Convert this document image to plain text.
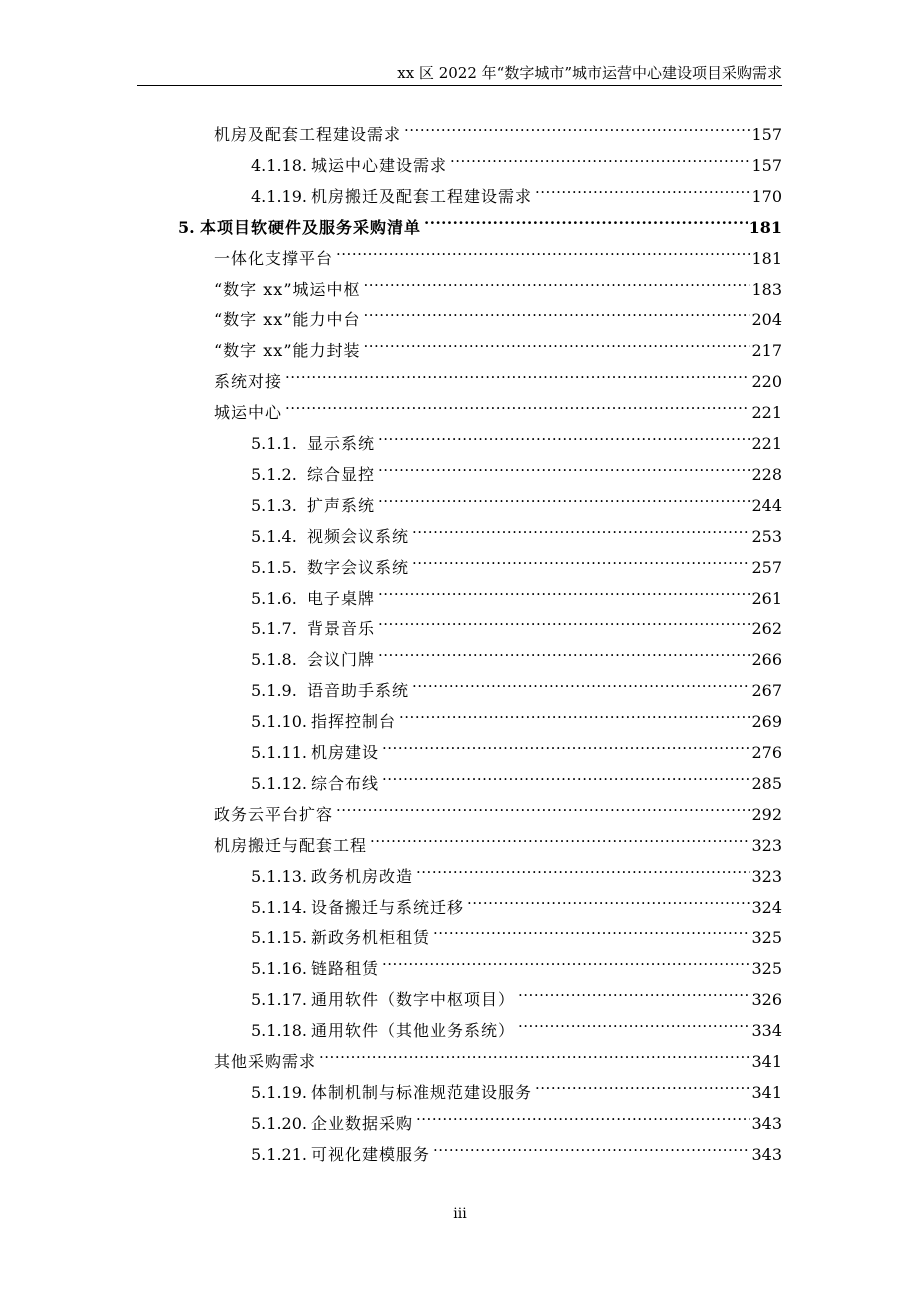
xx 区 2022 年“数字城市”城市运营中心建设项目采购需求
机房及配套工程建设需求 .....	157
4.1.18. 城运中心建设需求 .....	157
4.1.19. 机房搬迁及配套工程建设需求 .....	170
5. 本项目软硬件及服务采购清单 .....	181
一体化支撑平台 .....	181
“数字 xx”城运中枢 .....	183
“数字 xx”能力中台 .....	204
“数字 xx”能力封装 .....	217
系统对接 .....	220
城运中心 .....	221
5.1.1. 显示系统 .....	221
5.1.2. 综合显控 .....	228
5.1.3. 扩声系统 .....	244
5.1.4. 视频会议系统 .....	253
5.1.5. 数字会议系统 .....	257
5.1.6. 电子桌牌 .....	261
5.1.7. 背景音乐 .....	262
5.1.8. 会议门牌 .....	266
5.1.9. 语音助手系统 .....	267
5.1.10. 指挥控制台 .....	269
5.1.11. 机房建设 .....	276
5.1.12. 综合布线 .....	285
政务云平台扩容 .....	292
机房搬迁与配套工程 .....	323
5.1.13. 政务机房改造 .....	323
5.1.14. 设备搬迁与系统迁移 .....	324
5.1.15. 新政务机柜租赁 .....	325
5.1.16. 链路租赁 .....	325
5.1.17. 通用软件（数字中枢项目） .....	326
5.1.18. 通用软件（其他业务系统） .....	334
其他采购需求 .....	341
5.1.19. 体制机制与标准规范建设服务 .....	341
5.1.20. 企业数据采购 .....	343
5.1.21. 可视化建模服务 .....	343
iii
